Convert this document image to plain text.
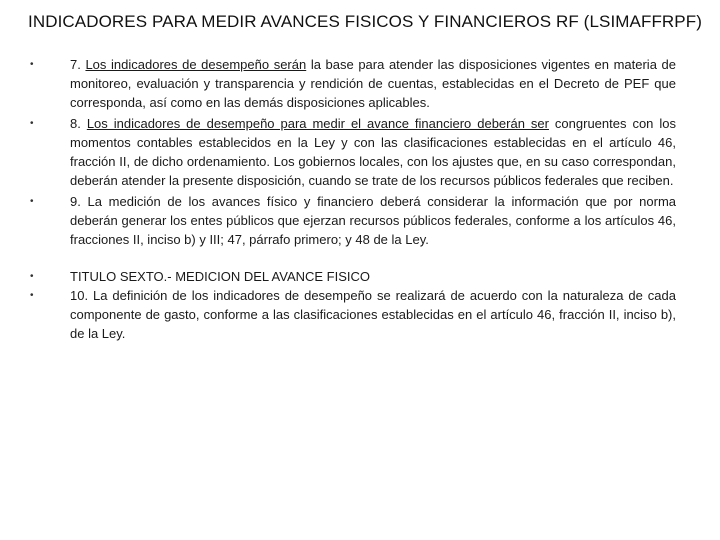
INDICADORES PARA MEDIR AVANCES FISICOS Y FINANCIEROS RF (LSIMAFFRPF)
•	7. Los indicadores de desempeño serán la base para atender las disposiciones vigentes en materia de monitoreo, evaluación y transparencia y rendición de cuentas, establecidas en el Decreto de PEF que corresponda, así como en las demás disposiciones aplicables.
•	8. Los indicadores de desempeño para medir el avance financiero deberán ser congruentes con los momentos contables establecidos en la Ley y con las clasificaciones establecidas en el artículo 46, fracción II, de dicho ordenamiento. Los gobiernos locales, con los ajustes que, en su caso correspondan, deberán atender la presente disposición, cuando se trate de los recursos públicos federales que reciben.
•	9. La medición de los avances físico y financiero deberá considerar la información que por norma deberán generar los entes públicos que ejerzan recursos públicos federales, conforme a los artículos 46, fracciones II, inciso b) y III; 47, párrafo primero; y 48 de la Ley.
•	TITULO SEXTO.- MEDICION DEL AVANCE FISICO
•	10. La definición de los indicadores de desempeño se realizará de acuerdo con la naturaleza de cada componente de gasto, conforme a las clasificaciones establecidas en el artículo 46, fracción II, inciso b), de la Ley.
